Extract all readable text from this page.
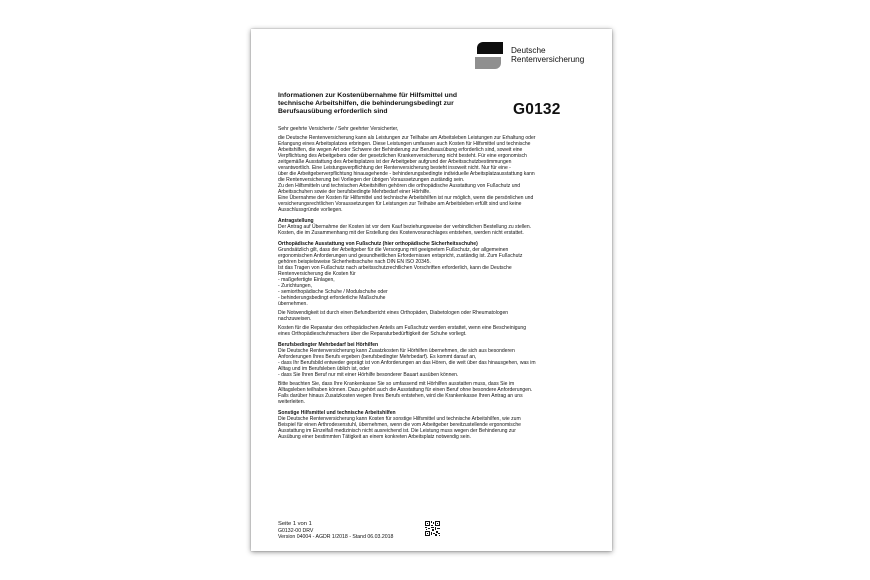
Deutsche
Rentenversicherung
Informationen zur Kostenübernahme für Hilfsmittel und
technische Arbeitshilfen, die behinderungsbedingt zur
Berufsausübung erforderlich sind	G0132

Sehr geehrte Versicherte / Sehr geehrter Versicherter,

die Deutsche Rentenversicherung kann als Leistungen zur Teilhabe am Arbeitsleben Leistungen zur Erhaltung oder
Erlangung eines Arbeitsplatzes erbringen. Diese Leistungen umfassen auch Kosten für Hilfsmittel und technische
Arbeitshilfen, die wegen Art oder Schwere der Behinderung zur Berufsausübung erforderlich sind, soweit eine
Verpflichtung des Arbeitgebers oder der gesetzlichen Krankenversicherung nicht besteht. Für eine ergonomisch
zeitgemäße Ausstattung des Arbeitsplatzes ist der Arbeitgeber aufgrund der Arbeitsschutzbestimmungen
verantwortlich. Eine Leistungsverpflichtung der Rentenversicherung besteht insoweit nicht. Nur für eine -
über die Arbeitgeberverpflichtung hinausgehende - behinderungsbedingte individuelle Arbeitsplatzausstattung kann
die Rentenversicherung bei Vorliegen der übrigen Voraussetzungen zuständig sein.
Zu den Hilfsmitteln und technischen Arbeitshilfen gehören die orthopädische Ausstattung von Fußschutz und
Arbeitsschuhen sowie der berufsbedingte Mehrbedarf einer Hörhilfe.
Eine Übernahme der Kosten für Hilfsmittel und technische Arbeitshilfen ist nur möglich, wenn die persönlichen und
versicherungsrechtlichen Voraussetzungen für Leistungen zur Teilhabe am Arbeitsleben erfüllt sind und keine
Ausschlussgründe vorliegen.

Antragstellung

Der Antrag auf Übernahme der Kosten ist vor dem Kauf beziehungsweise der verbindlichen Bestellung zu stellen.
Kosten, die im Zusammenhang mit der Erstellung des Kostenvoranschlages entstehen, werden nicht erstattet.

Orthopädische Ausstattung von Fußschutz (hier orthopädische Sicherheitsschuhe)

Grundsätzlich gilt, dass der Arbeitgeber für die Versorgung mit geeignetem Fußschutz, der allgemeinen
ergonomischen Anforderungen und gesundheitlichen Erfordernissen entspricht, zuständig ist. Zum Fußschutz
gehören beispielsweise Sicherheitsschuhe nach DIN EN ISO 20345.
Ist das Tragen von Fußschutz nach arbeitsschutzrechtlichen Vorschriften erforderlich, kann die Deutsche
Rentenversicherung die Kosten für
- maßgefertigte Einlagen,
- Zurichtungen,
- semiorthopädische Schuhe / Modulschuhe oder
- behinderungsbedingt erforderliche Maßschuhe
übernehmen.

Die Notwendigkeit ist durch einen Befundbericht eines Orthopäden, Diabetologen oder Rheumatologen
nachzuweisen.

Kosten für die Reparatur des orthopädischen Anteils am Fußschutz werden erstattet, wenn eine Bescheinigung
eines Orthopädieschuhmachers über die Reparaturbedürftigkeit der Schuhe vorliegt.

Berufsbedingter Mehrbedarf bei Hörhilfen

Die Deutsche Rentenversicherung kann Zusatzkosten für Hörhilfen übernehmen, die sich aus besonderen
Anforderungen Ihres Berufs ergeben (berufsbedingter Mehrbedarf). Es kommt darauf an,
- dass Ihr Berufsbild entweder geprägt ist von Anforderungen an das Hören, die weit über das hinausgehen, was im
Alltag und im Berufsleben üblich ist, oder
- dass Sie Ihren Beruf nur mit einer Hörhilfe besonderer Bauart ausüben können.

Bitte beachten Sie, dass Ihre Krankenkasse Sie so umfassend mit Hörhilfen ausstatten muss, dass Sie im
Alltagsleben teilhaben können. Dazu gehört auch die Ausstattung für einen Beruf ohne besondere Anforderungen.
Falls darüber hinaus Zusatzkosten wegen Ihres Berufs entstehen, wird die Krankenkasse Ihren Antrag an uns
weiterleiten.

Sonstige Hilfsmittel und technische Arbeitshilfen

Die Deutsche Rentenversicherung kann Kosten für sonstige Hilfsmittel und technische Arbeitshilfen, wie zum
Beispiel für einen Arthrodesenstuhl, übernehmen, wenn die vom Arbeitgeber bereitzustellende ergonomische
Ausstattung im Einzelfall medizinisch nicht ausreichend ist. Die Leistung muss wegen der Behinderung zur
Ausübung einer bestimmten Tätigkeit an einem konkreten Arbeitsplatz notwendig sein.

Seite 1 von 1
G0132-00 DRV
Version 04004 - AGDR 1/2018 - Stand 06.03.2018
